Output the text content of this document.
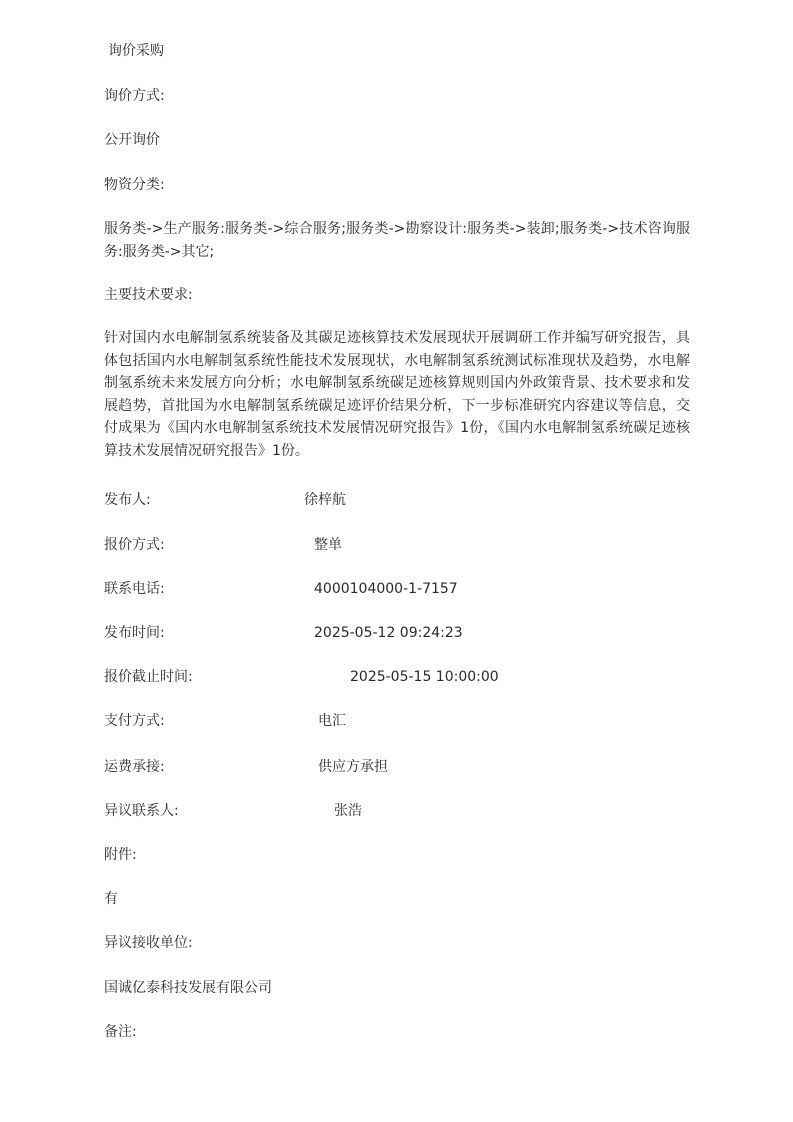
询价采购
询价方式:
公开询价
物资分类:
服务类->生产服务:服务类->综合服务;服务类->勘察设计:服务类->装卸;服务类->技术咨询服务:服务类->其它;
主要技术要求:
针对国内水电解制氢系统装备及其碳足迹核算技术发展现状开展调研工作并编写研究报告，具体包括国内水电解制氢系统性能技术发展现状，水电解制氢系统测试标准现状及趋势，水电解制氢系统未来发展方向分析；水电解制氢系统碳足迹核算规则国内外政策背景、技术要求和发展趋势，首批国为水电解制氢系统碳足迹评价结果分析，下一步标准研究内容建议等信息，交付成果为《国内水电解制氢系统技术发展情况研究报告》1份，《国内水电解制氢系统碳足迹核算技术发展情况研究报告》1份。
发布人:	徐梓航
报价方式:	整单
联系电话:	4000104000-1-7157
发布时间:	2025-05-12 09:24:23
报价截止时间:	2025-05-15 10:00:00
支付方式:	电汇
运费承接:	供应方承担
异议联系人:	张浩
附件:
有
异议接收单位:
国诚亿泰科技发展有限公司
备注:
